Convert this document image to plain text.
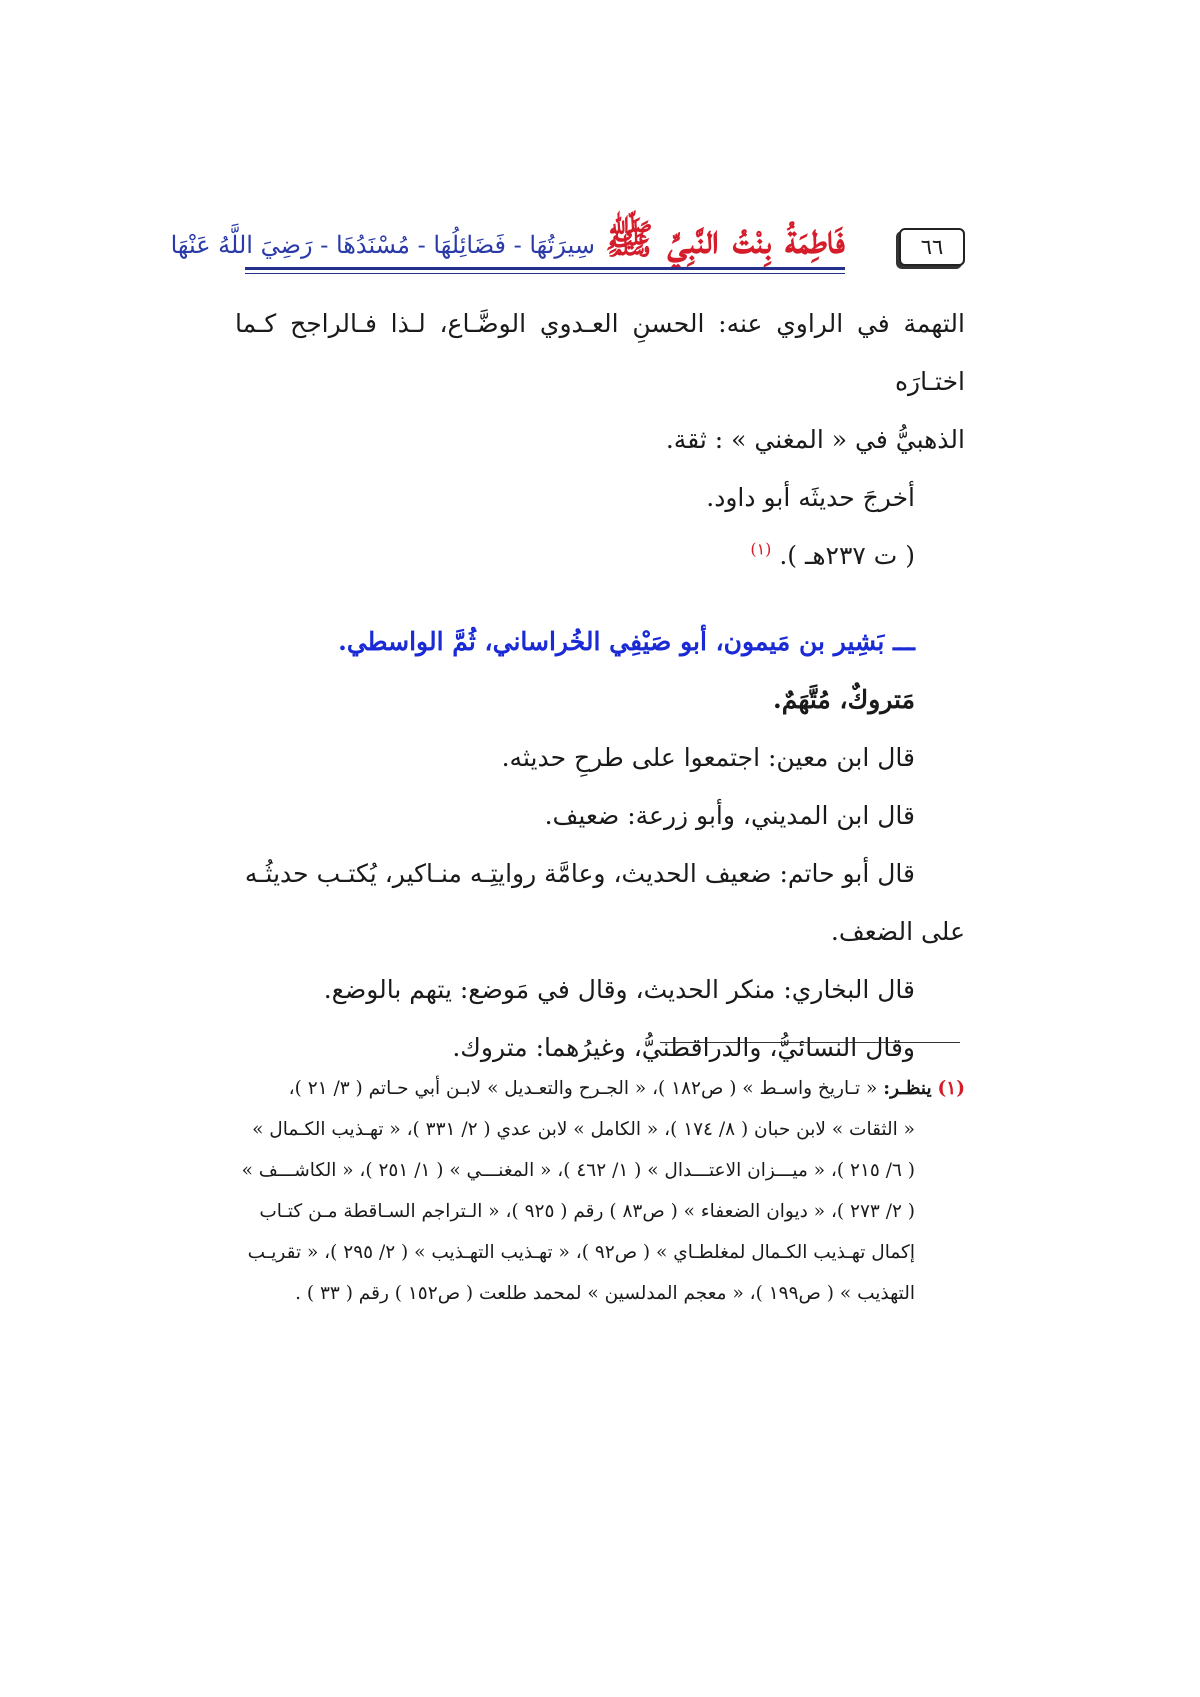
٦٦
فَاطِمَةُ بِنْتُ النَّبِيِّ ﷺ
سِيرَتُهَا - فَضَائِلُهَا - مُسْنَدُهَا - رَضِيَ اللَّهُ عَنْهَا

التهمة في الراوي عنه: الحسنِ العـدوي الوضَّـاع، لـذا فـالراجح كـما اختـارَه

الذهبيُّ في « المغني » : ثقة.

أخرجَ حديثَه أبو داود.

( ت ٢٣٧هـ ). $^{(١)}$

ـــ بَشِير بن مَيمون، أبو صَيْفِي الخُراساني، ثُمَّ الواسطي.

مَتروكٌ، مُتَّهَمٌ.

قال ابن معين: اجتمعوا على طرحِ حديثه.

قال ابن المديني، وأبو زرعة: ضعيف.

قال أبو حاتم: ضعيف الحديث، وعامَّة روايتِـه منـاكير، يُكتـب حديثُـه

على الضعف.

قال البخاري: منكر الحديث، وقال في مَوضع: يتهم بالوضع.

وقال النسائيُّ، والدراقطنيُّ، وغيرُهما: متروك.

(١) ينظـر: « تـاريخ واسـط » ( ص١٨٢ )، « الجـرح والتعـديل » لابـن أبي حـاتم ( ٣/ ٢١ )،
« الثقات » لابن حبان ( ٨/ ١٧٤ )، « الكامل » لابن عدي ( ٢/ ٣٣١ )، « تهـذيب الكـمال »
( ٦/ ٢١٥ )، « ميـــزان الاعتـــدال » ( ١/ ٤٦٢ )، « المغنـــي » ( ١/ ٢٥١ )، « الكاشـــف »
( ٢/ ٢٧٣ )، « ديوان الضعفاء » ( ص٨٣ ) رقم ( ٩٢٥ )، « الـتراجم السـاقطة مـن كتـاب
إكمال تهـذيب الكـمال لمغلطـاي » ( ص٩٢ )، « تهـذيب التهـذيب » ( ٢/ ٢٩٥ )، « تقريـب
التهذيب » ( ص١٩٩ )، « معجم المدلسين » لمحمد طلعت ( ص١٥٢ ) رقم ( ٣٣ ) .
